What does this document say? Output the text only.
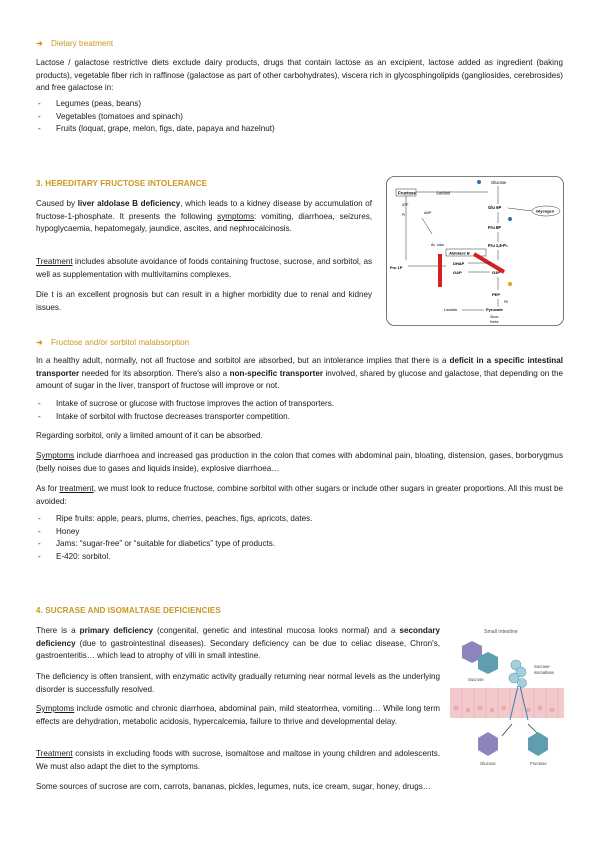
➜ Dietary treatment

Lactose / galactose restrictive diets exclude dairy products, drugs that contain lactose as an excipient, lactose added as ingredient (baking products), vegetable fiber rich in raffinose (galactose as part of other carbohydrates), viscera rich in glycosphingolipids (gangliosides, cerebrosides) and free galactose in:

- Legumes (peas, beans)
- Vegetables (tomatoes and spinach)
- Fruits (loquat, grape, melon, figs, date, papaya and hazelnut)
3. HEREDITARY FRUCTOSE INTOLERANCE

Caused by liver aldolase B deficiency, which leads to a kidney disease by accumulation of fructose-1-phosphate. It presents the following symptoms: vomiting, diarrhoea, seizures, hypoglycaemia, hepatomegaly, jaundice, ascites, and nephrocalcinosis.

Treatment includes absolute avoidance of foods containing fructose, sucrose, and sorbitol, as well as supplementation with multivitamins complexes.

Die t is an excellent prognosis but can result in a higher morbidity due to renal and kidney issues.

Fructose	Sorbitol
Glucose
Glu 6P
Glycogen
Fru 6P
Fru 1,6-P₂
ATP
Pi	AMP
Ác. úrico
Fru 1P
Aldolase B
DHAP
GAP	G3P
PEP
PK
Lactato	Pyruvate
Gluco-
Krebs
➜ Fructose and/or sorbitol malabsorption

In a healthy adult, normally, not all fructose and sorbitol are absorbed, but an intolerance implies that there is a deficit in a specific intestinal transporter needed for its absorption. There's also a non-specific transporter involved, shared by glucose and galactose, that depending on the amount of sugar in the liver, transport of fructose will improve or not.

- Intake of sucrose or glucose with fructose improves the action of transporters.
- Intake of sorbitol with fructose decreases transporter competition.

Regarding sorbitol, only a limited amount of it can be absorbed.

Symptoms include diarrhoea and increased gas production in the colon that comes with abdominal pain, bloating, distension, gases, borborygmus (belly noises due to gases and liquids inside), explosive diarrhoea…

As for treatment, we must look to reduce fructose, combine sorbitol with other sugars or include other sugars in greater proportions. All this must be avoided:

- Ripe fruits: apple, pears, plums, cherries, peaches, figs, apricots, dates.
- Honey
- Jams: “sugar-free” or “suitable for diabetics” type of products.
- E-420: sorbitol.
4. SUCRASE AND ISOMALTASE DEFICIENCIES

There is a primary deficiency (congenital, genetic and intestinal mucosa looks normal) and a secondary deficiency (due to gastrointestinal diseases). Secondary deficiency can be due to celiac disease, Chron's, gastroenteritis… which lead to atrophy of villi in small intestine.

The deficiency is often transient, with enzymatic activity gradually returning near normal levels as the underlying disorder is successfully resolved.

Symptoms include osmotic and chronic diarrhoea, abdominal pain, mild steatorrhea, vomiting… While long term effects are dehydration, metabolic acidosis, hypercalcemia, failure to thrive and developmental delay.

Treatment consists in excluding foods with sucrose, isomaltose and maltose in young children and adolescents. We must also adapt the diet to the symptoms.

Some sources of sucrose are corn, carrots, bananas, pickles, legumes, nuts, ice cream, sugar, honey, drugs…

Small intestine
Sucrose
Sucrase-
isomaltase
Glucose	Fructose
